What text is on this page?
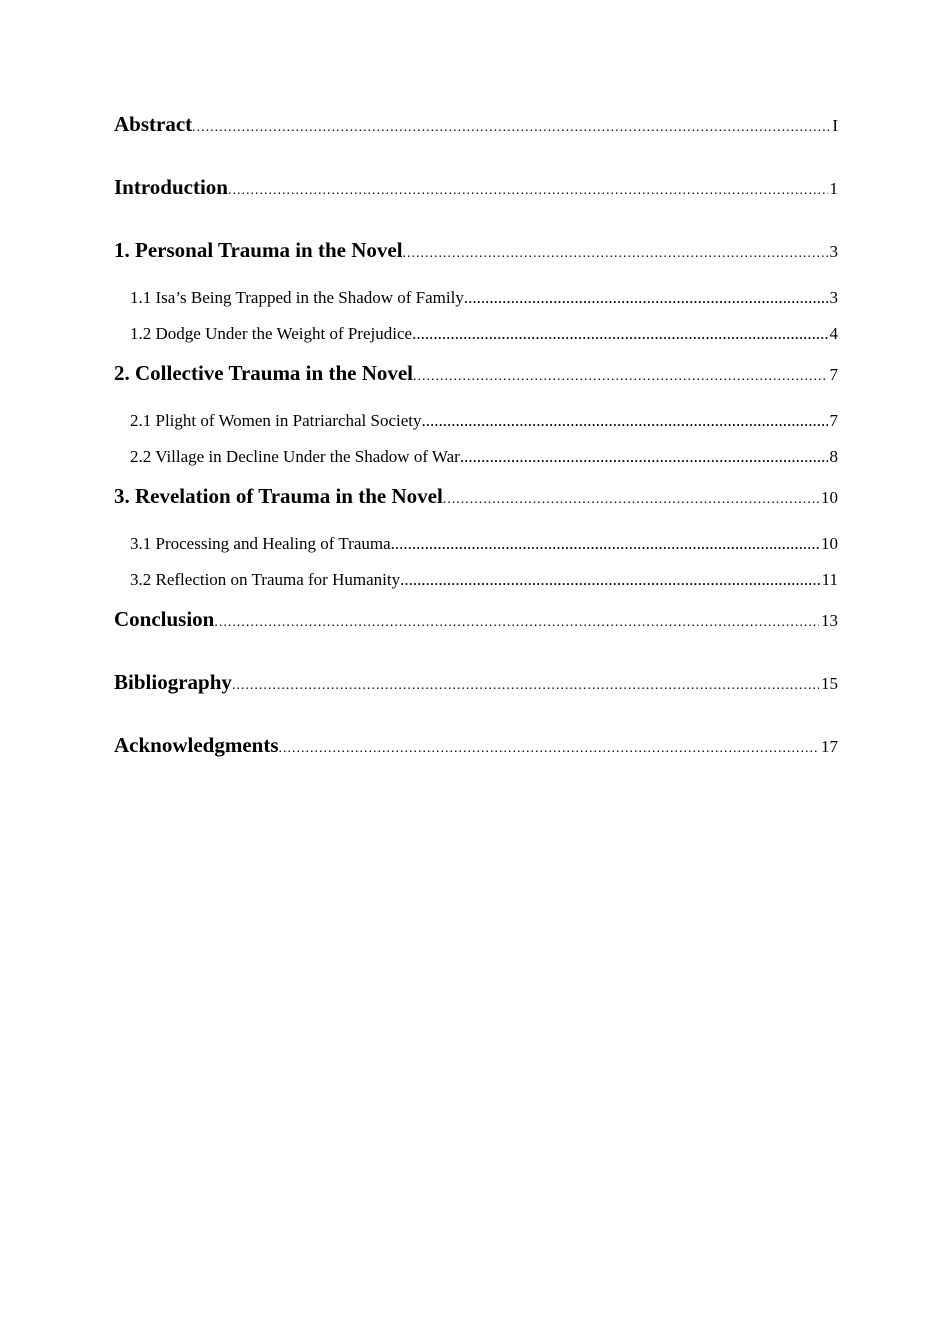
Abstract .....	I
Introduction .....	1
1. Personal Trauma in the Novel .....	3
1.1 Isa’s Being Trapped in the Shadow of Family .....	3
1.2 Dodge Under the Weight of Prejudice .....	4
2. Collective Trauma in the Novel .....	7
2.1 Plight of Women in Patriarchal Society .....	7
2.2 Village in Decline Under the Shadow of War .....	8
3. Revelation of Trauma in the Novel .....	10
3.1 Processing and Healing of Trauma .....	10
3.2 Reflection on Trauma for Humanity .....	11
Conclusion .....	13
Bibliography .....	15
Acknowledgments .....	17
